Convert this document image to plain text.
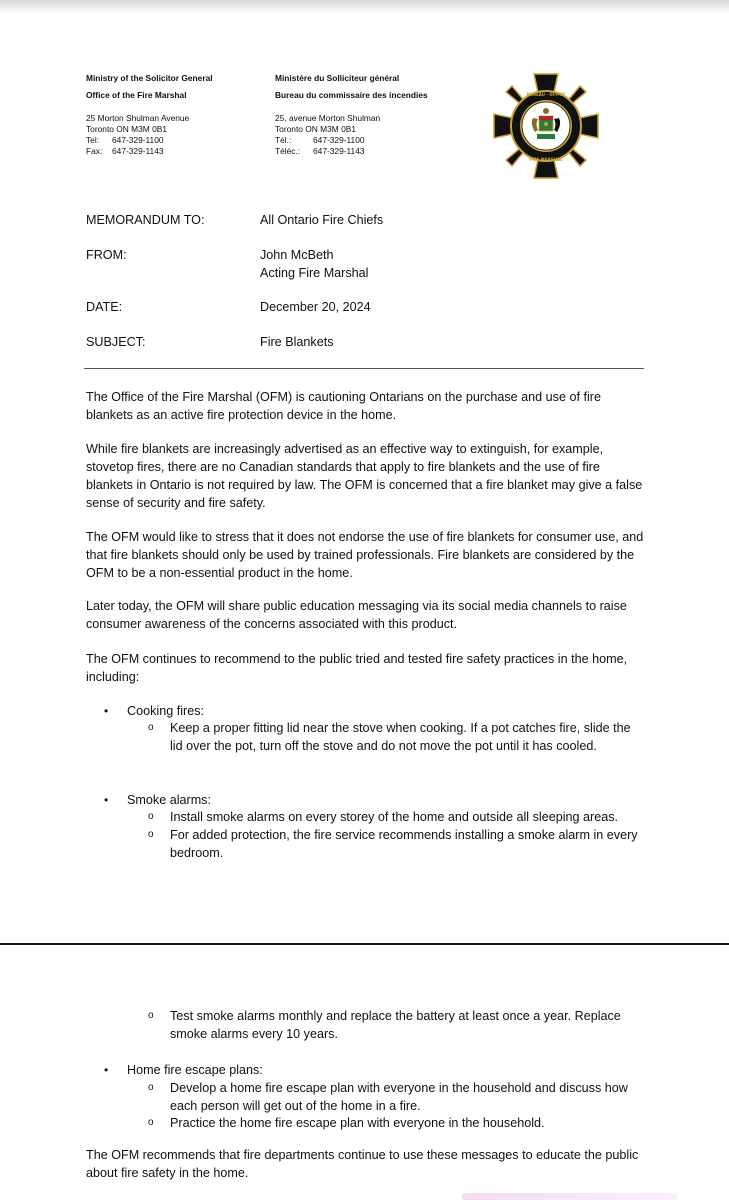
Ministry of the Solicitor General
Office of the Fire Marshal
25 Morton Shulman Avenue
Toronto ON M3M 0B1
Tel:	647-329-1100
Fax:	647-329-1143
Ministère du Solliciteur général
Bureau du commissaire des incendies
25, avenue Morton Shulman
Toronto ON M3M 0B1
Tél.:	647-329-1100
Téléc.:	647-329-1143
BUREAU · OFFICE
FIRE MARSHAL
MEMORANDUM TO:	All Ontario Fire Chiefs
FROM:	John McBeth
Acting Fire Marshal
DATE:	December 20, 2024
SUBJECT:	Fire Blankets

The Office of the Fire Marshal (OFM) is cautioning Ontarians on the purchase and use of fire blankets as an active fire protection device in the home.

While fire blankets are increasingly advertised as an effective way to extinguish, for example, stovetop fires, there are no Canadian standards that apply to fire blankets and the use of fire blankets in Ontario is not required by law. The OFM is concerned that a fire blanket may give a false sense of security and fire safety.

The OFM would like to stress that it does not endorse the use of fire blankets for consumer use, and that fire blankets should only be used by trained professionals. Fire blankets are considered by the OFM to be a non-essential product in the home.

Later today, the OFM will share public education messaging via its social media channels to raise consumer awareness of the concerns associated with this product.

The OFM continues to recommend to the public tried and tested fire safety practices in the home, including:

• Cooking fires:
o Keep a proper fitting lid near the stove when cooking. If a pot catches fire, slide the lid over the pot, turn off the stove and do not move the pot until it has cooled.

• Smoke alarms:
o Install smoke alarms on every storey of the home and outside all sleeping areas.

o For added protection, the fire service recommends installing a smoke alarm in every bedroom.

o Test smoke alarms monthly and replace the battery at least once a year. Replace smoke alarms every 10 years.

• Home fire escape plans:
o Develop a home fire escape plan with everyone in the household and discuss how each person will get out of the home in a fire.

o Practice the home fire escape plan with everyone in the household.

The OFM recommends that fire departments continue to use these messages to educate the public about fire safety in the home.
